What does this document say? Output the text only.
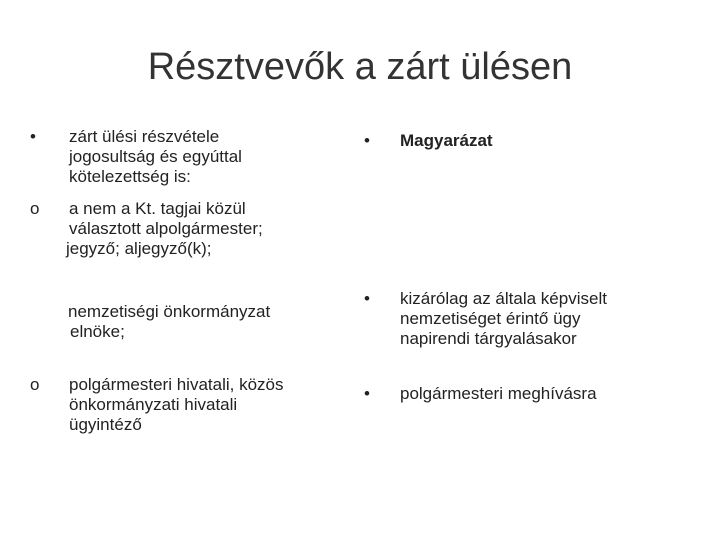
Résztvevők a zárt ülésen
• zárt ülési részvétele
jogosultság és egyúttal
kötelezettség is:
o a nem a Kt. tagjai közül
választott alpolgármester;
jegyző; aljegyző(k);
nemzetiségi önkormányzat
elnöke;
o polgármesteri hivatali, közös
önkormányzati hivatali
ügyintéző
• Magyarázat
• kizárólag az általa képviselt
nemzetiséget érintő ügy
napirendi tárgyalásakor
• polgármesteri meghívásra
